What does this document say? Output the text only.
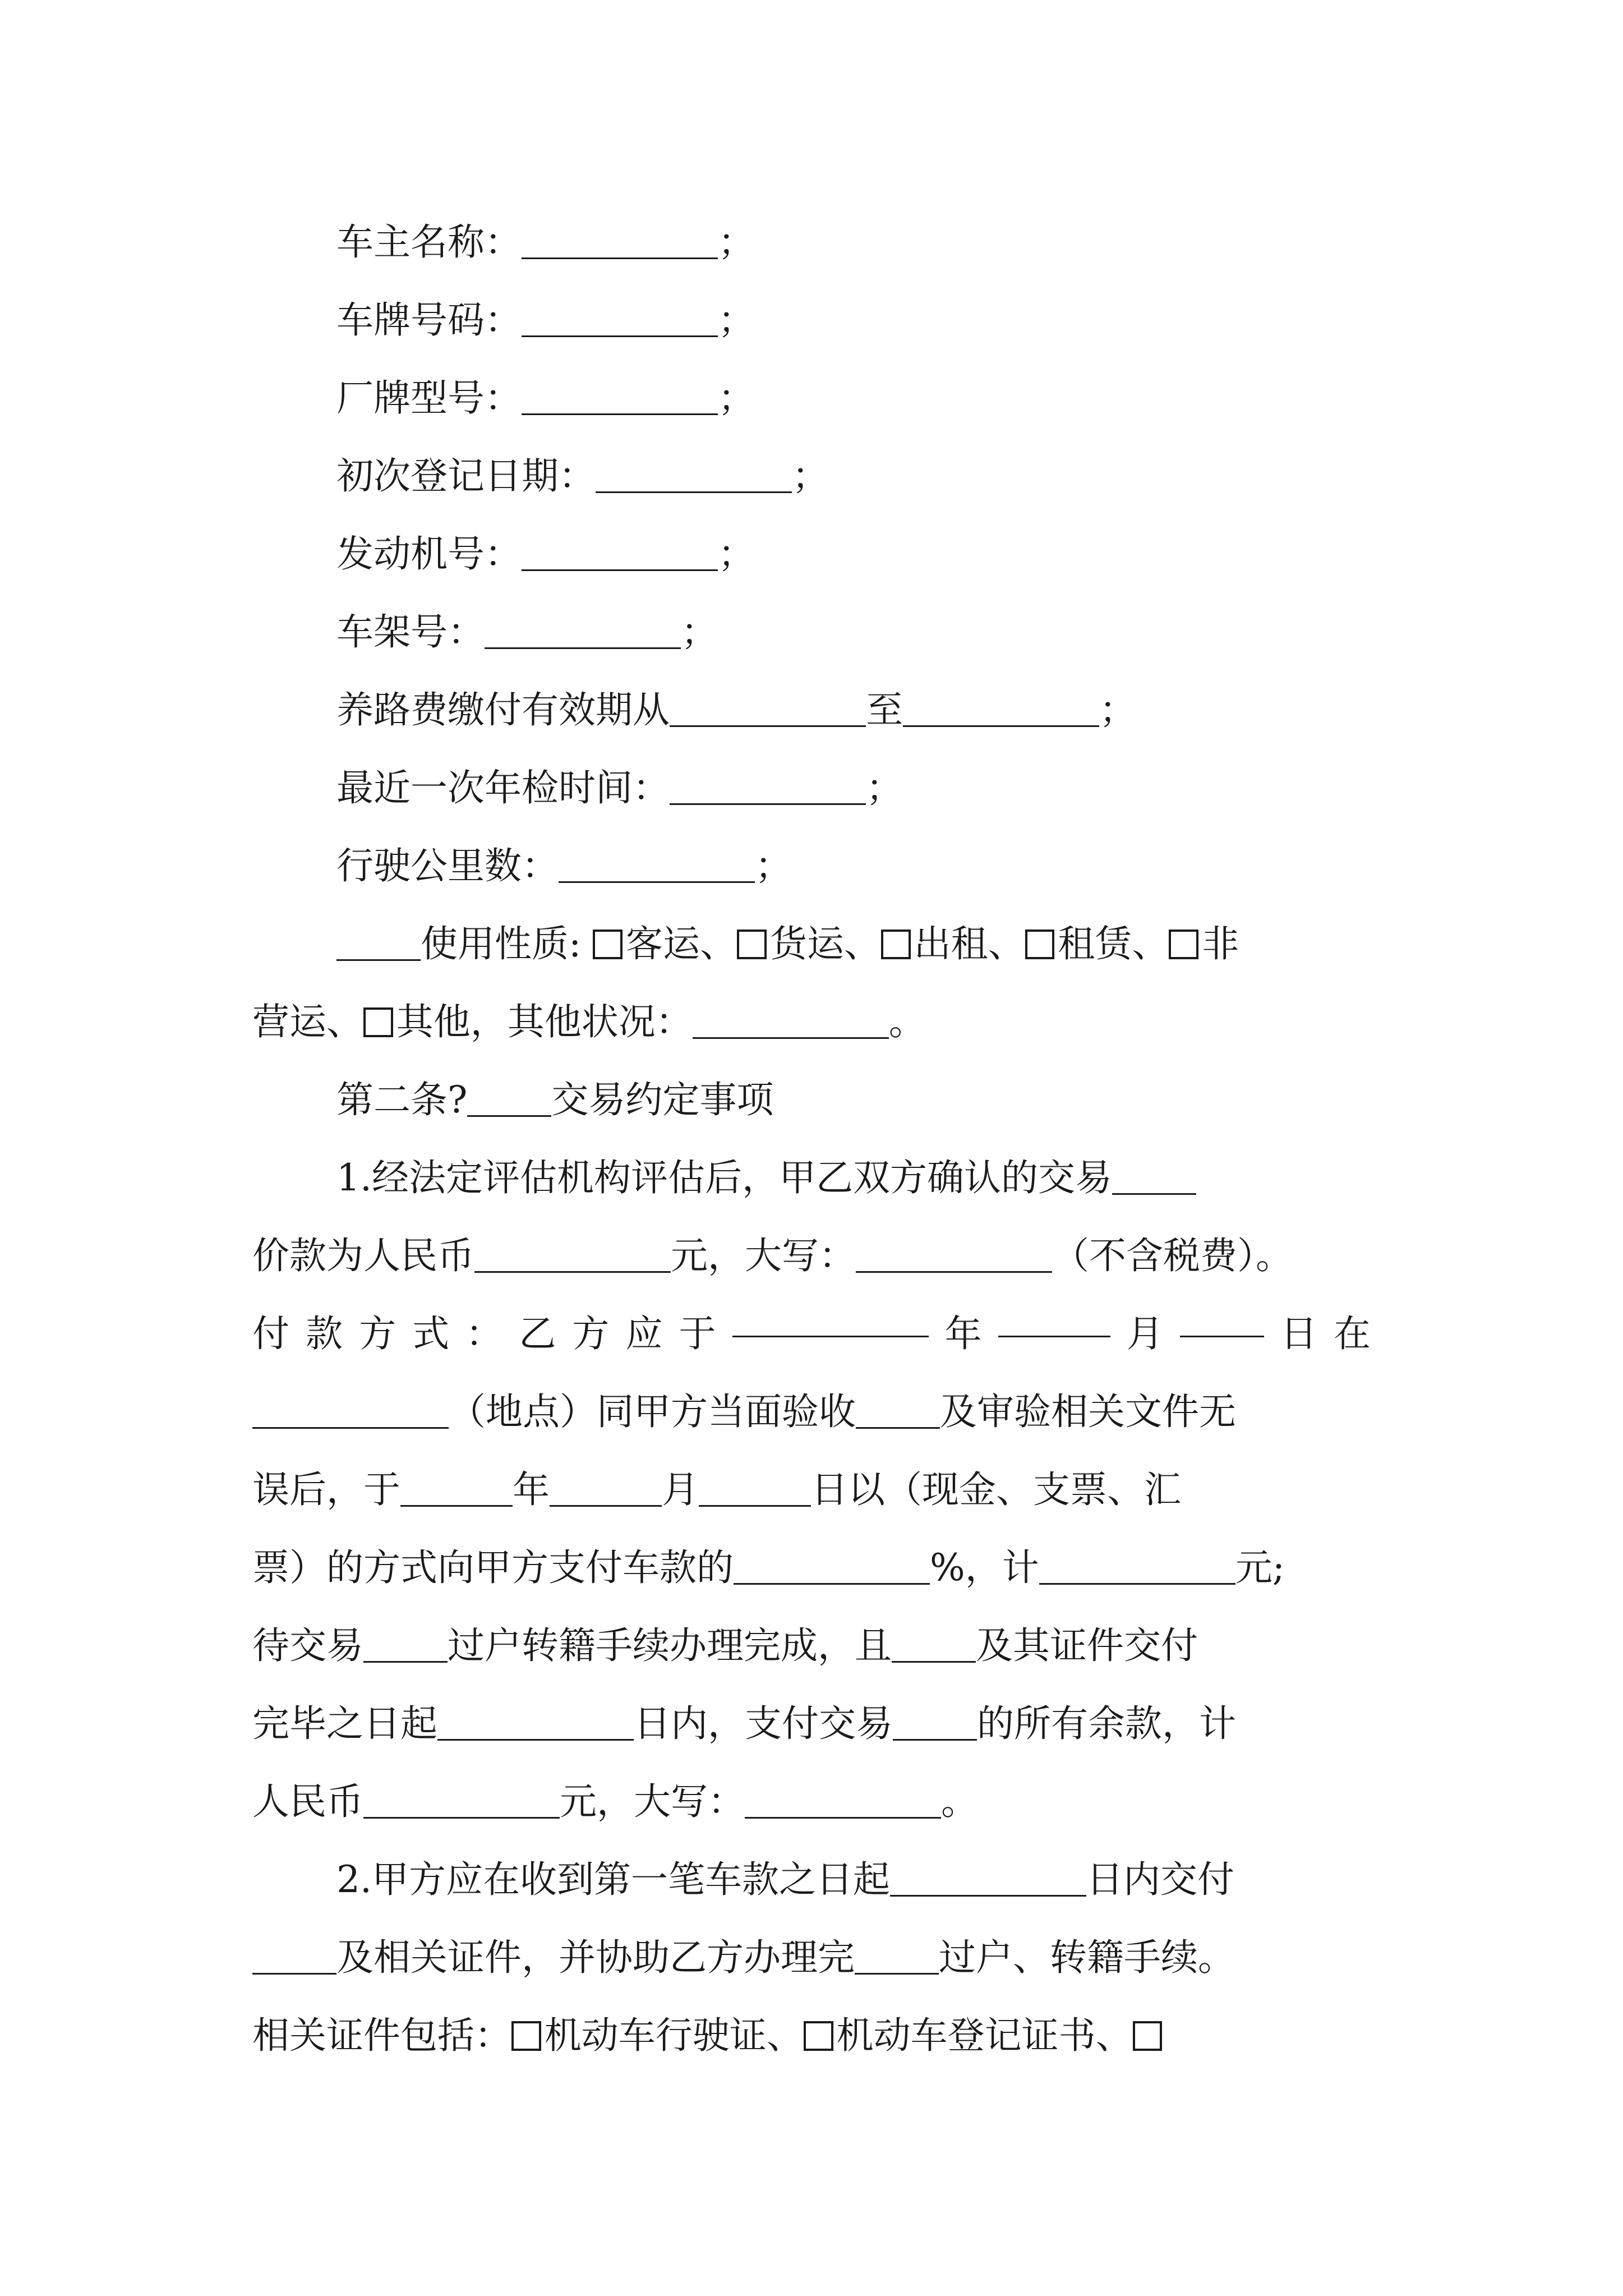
车主名称：	；
车牌号码：	；
厂牌型号：	；
初次登记日期：	；
发动机号：	；
车架号：	；
养路费缴付有效期从	至	；
最近一次年检时间：	；
行驶公里数：	；
使用性质: 客运、 货运、 出租、 租赁、 非
营运、 其他，其他状况：	。
第二条? 交易约定事项
1.经法定评估机构评估后，甲乙双方确认的交易
价款为人民币	元，大写：	（不含税费）。
付 款 方 式 ： 乙 方 应 于	年	月	日 在
（地点）同甲方当面验收 及审验相关文件无
误后，于	年	月	日以（现金、支票、汇
票）的方式向甲方支付车款的	%，计	元;
待交易 过户转籍手续办理完成，且 及其证件交付
完毕之日起	日内，支付交易 的所有余款，计
人民币	元，大写：	。
2.甲方应在收到第一笔车款之日起	日内交付
及相关证件，并协助乙方办理完 过户、转籍手续。
相关证件包括： 机动车行驶证、 机动车登记证书、
